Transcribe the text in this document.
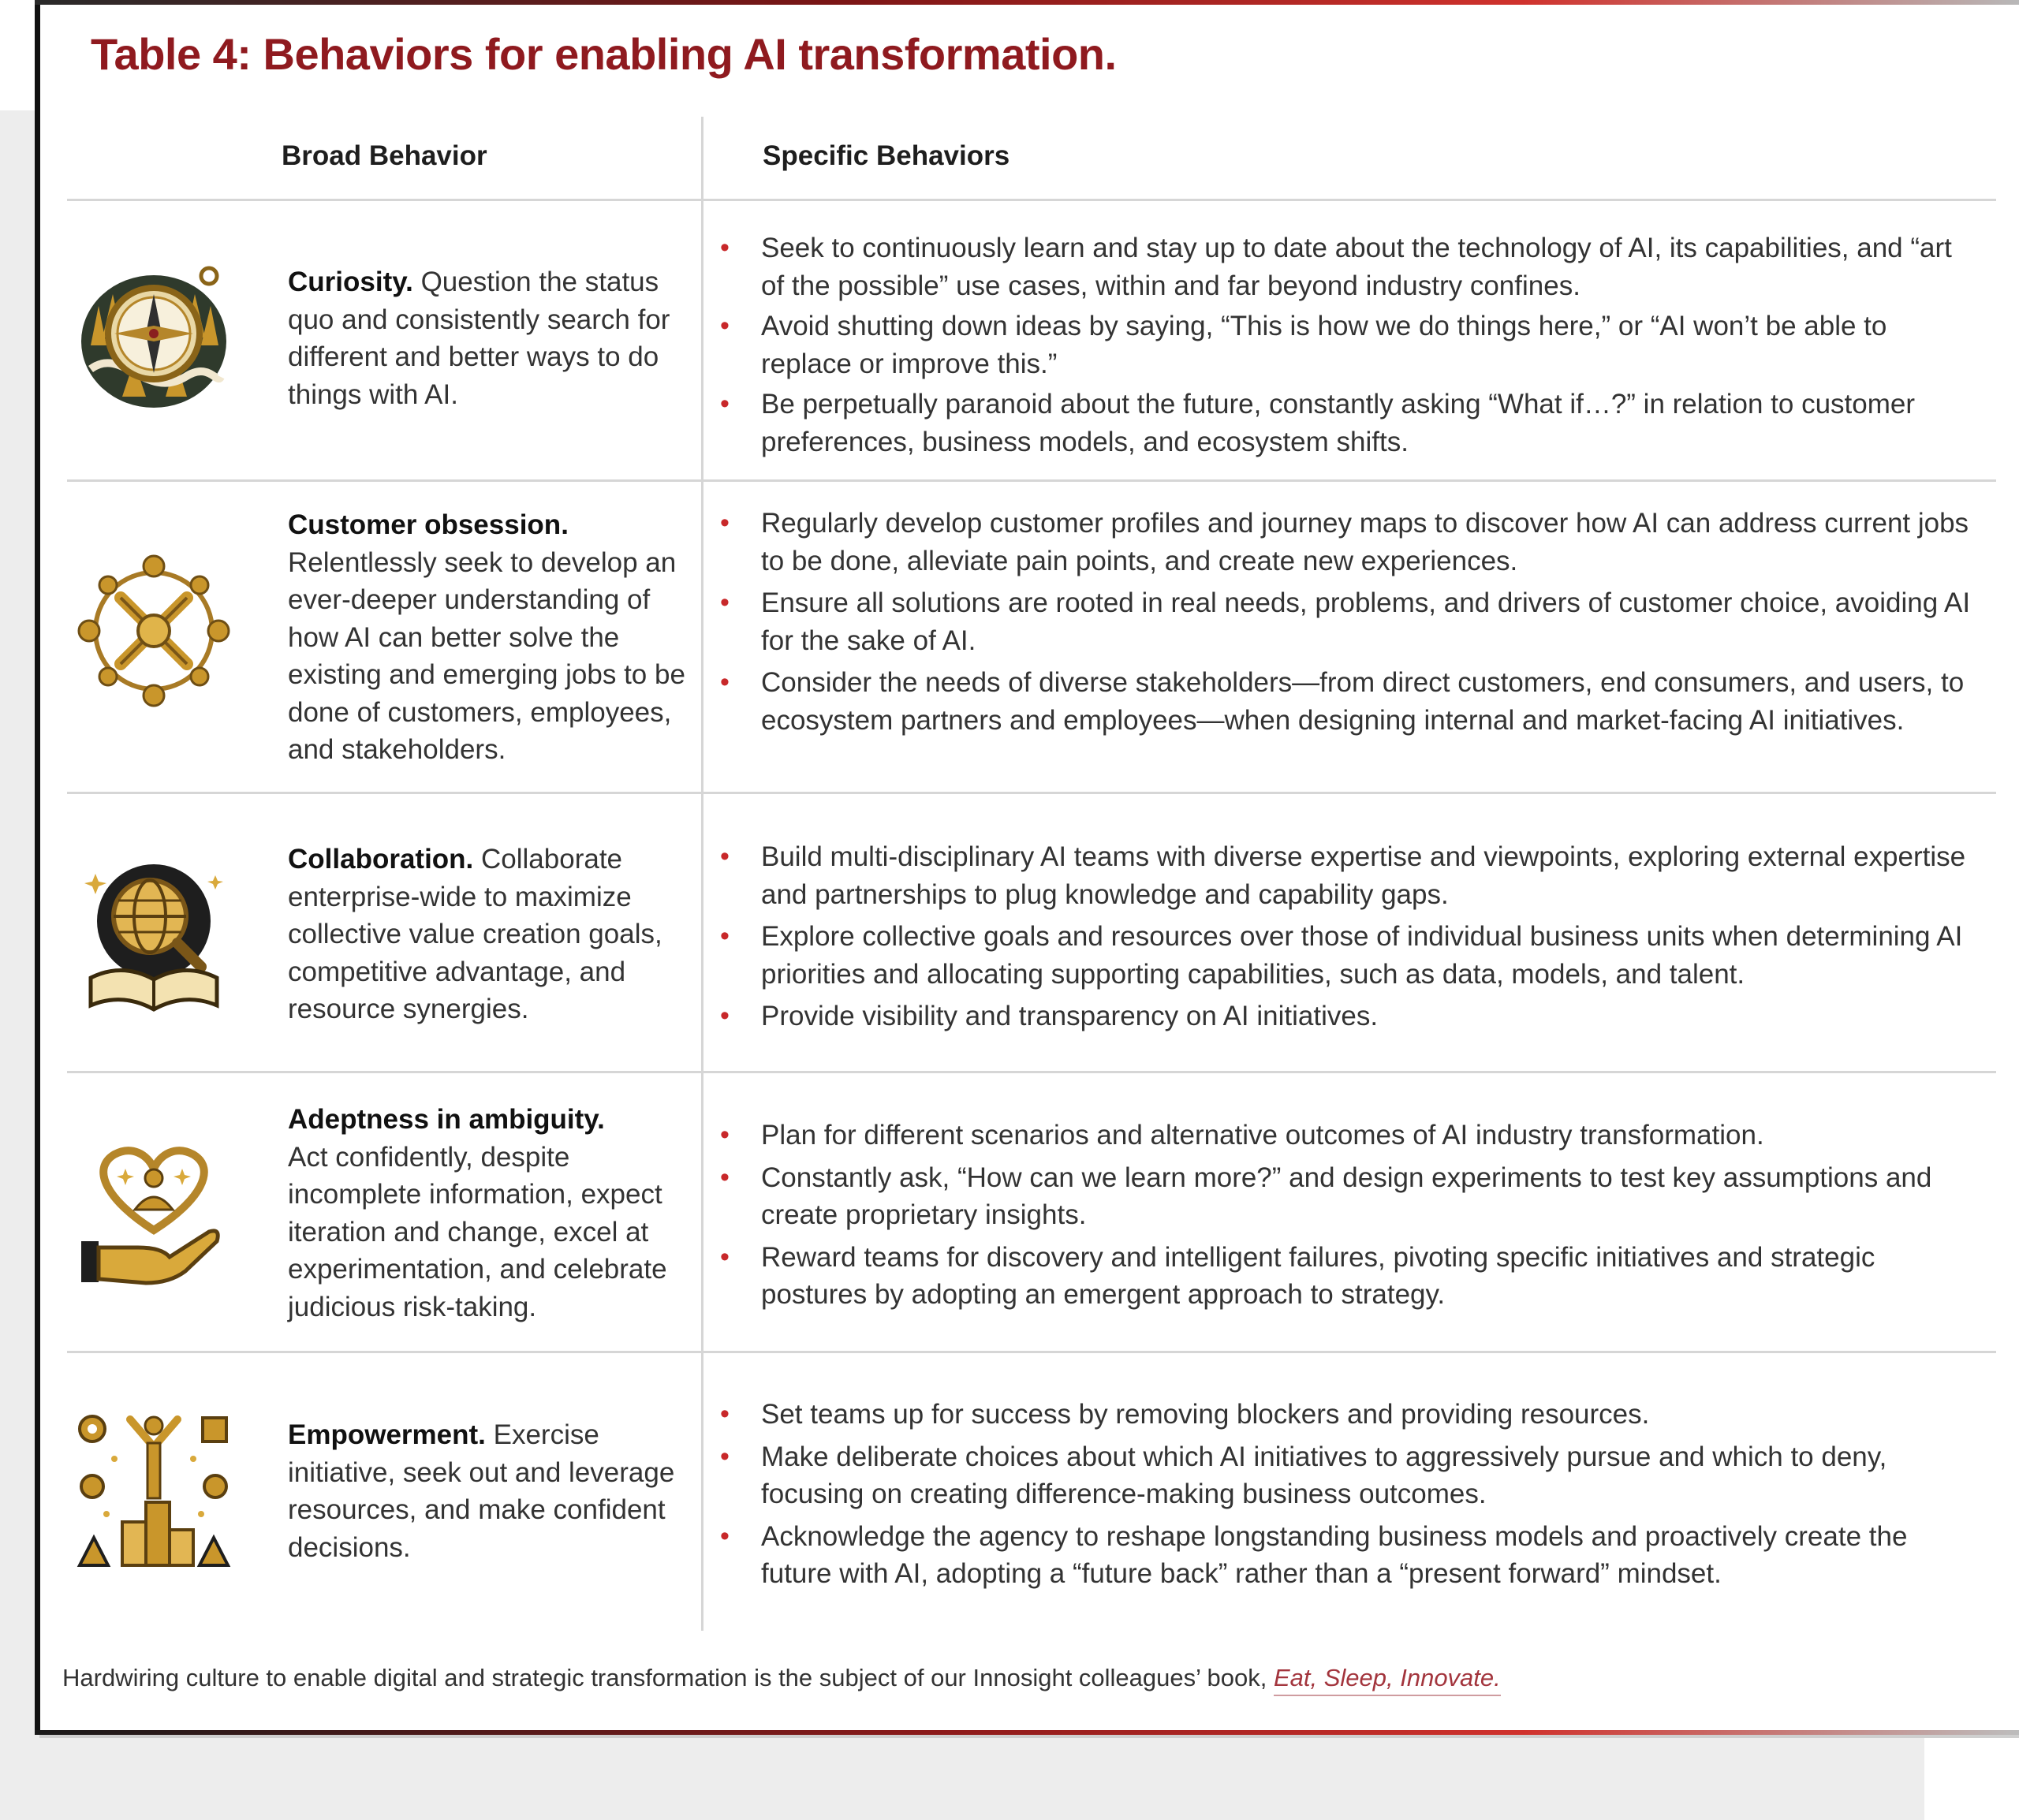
Table 4: Behaviors for enabling AI transformation.
Broad Behavior	Specific Behaviors
Curiosity. Question the status quo and consistently search for different and better ways to do things with AI.
• Seek to continuously learn and stay up to date about the technology of AI, its capabilities, and “art of the possible” use cases, within and far beyond industry confines.
• Avoid shutting down ideas by saying, “This is how we do things here,” or “AI won’t be able to replace or improve this.”
• Be perpetually paranoid about the future, constantly asking “What if…?” in relation to customer preferences, business models, and ecosystem shifts.
Customer obsession.
Relentlessly seek to develop an ever-deeper understanding of how AI can better solve the existing and emerging jobs to be done of customers, employees, and stakeholders.
• Regularly develop customer profiles and journey maps to discover how AI can address current jobs to be done, alleviate pain points, and create new experiences.
• Ensure all solutions are rooted in real needs, problems, and drivers of customer choice, avoiding AI for the sake of AI.
• Consider the needs of diverse stakeholders—from direct customers, end consumers, and users, to ecosystem partners and employees—when designing internal and market-facing AI initiatives.
Collaboration. Collaborate enterprise-wide to maximize collective value creation goals, competitive advantage, and resource synergies.
• Build multi-disciplinary AI teams with diverse expertise and viewpoints, exploring external expertise and partnerships to plug knowledge and capability gaps.
• Explore collective goals and resources over those of individual business units when determining AI priorities and allocating supporting capabilities, such as data, models, and talent.
• Provide visibility and transparency on AI initiatives.
Adeptness in ambiguity.
Act confidently, despite incomplete information, expect iteration and change, excel at experimentation, and celebrate judicious risk-taking.
• Plan for different scenarios and alternative outcomes of AI industry transformation.
• Constantly ask, “How can we learn more?” and design experiments to test key assumptions and create proprietary insights.
• Reward teams for discovery and intelligent failures, pivoting specific initiatives and strategic postures by adopting an emergent approach to strategy.
Empowerment. Exercise initiative, seek out and leverage resources, and make confident decisions.
• Set teams up for success by removing blockers and providing resources.
• Make deliberate choices about which AI initiatives to aggressively pursue and which to deny, focusing on creating difference-making business outcomes.
• Acknowledge the agency to reshape longstanding business models and proactively create the future with AI, adopting a “future back” rather than a “present forward” mindset.
Hardwiring culture to enable digital and strategic transformation is the subject of our Innosight colleagues’ book, Eat, Sleep, Innovate.
